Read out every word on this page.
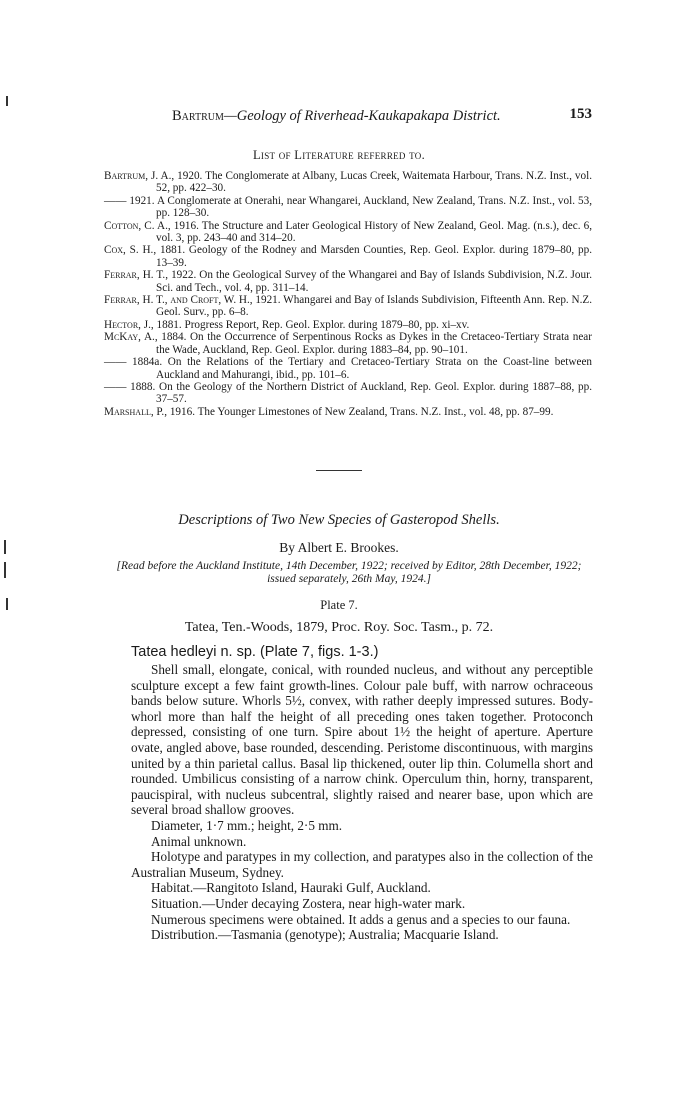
Bartrum—Geology of Riverhead-Kaukapakapa District.	153
List of Literature referred to.

Bartrum, J. A., 1920. The Conglomerate at Albany, Lucas Creek, Waitemata Harbour, Trans. N.Z. Inst., vol. 52, pp. 422–30.

—— 1921. A Conglomerate at Onerahi, near Whangarei, Auckland, New Zealand, Trans. N.Z. Inst., vol. 53, pp. 128–30.

Cotton, C. A., 1916. The Structure and Later Geological History of New Zealand, Geol. Mag. (n.s.), dec. 6, vol. 3, pp. 243–40 and 314–20.

Cox, S. H., 1881. Geology of the Rodney and Marsden Counties, Rep. Geol. Explor. during 1879–80, pp. 13–39.

Ferrar, H. T., 1922. On the Geological Survey of the Whangarei and Bay of Islands Subdivision, N.Z. Jour. Sci. and Tech., vol. 4, pp. 311–14.

Ferrar, H. T., and Croft, W. H., 1921. Whangarei and Bay of Islands Subdivision, Fifteenth Ann. Rep. N.Z. Geol. Surv., pp. 6–8.

Hector, J., 1881. Progress Report, Rep. Geol. Explor. during 1879–80, pp. xi–xv.

McKay, A., 1884. On the Occurrence of Serpentinous Rocks as Dykes in the Cretaceo-Tertiary Strata near the Wade, Auckland, Rep. Geol. Explor. during 1883–84, pp. 90–101.

—— 1884a. On the Relations of the Tertiary and Cretaceo-Tertiary Strata on the Coast-line between Auckland and Mahurangi, ibid., pp. 101–6.

—— 1888. On the Geology of the Northern District of Auckland, Rep. Geol. Explor. during 1887–88, pp. 37–57.

Marshall, P., 1916. The Younger Limestones of New Zealand, Trans. N.Z. Inst., vol. 48, pp. 87–99.

Descriptions of Two New Species of Gasteropod Shells.
By Albert E. Brookes.
[Read before the Auckland Institute, 14th December, 1922; received by Editor, 28th December, 1922; issued separately, 26th May, 1924.]
Plate 7.
Tatea, Ten.-Woods, 1879, Proc. Roy. Soc. Tasm., p. 72.
Tatea hedleyi n. sp. (Plate 7, figs. 1-3.)

Shell small, elongate, conical, with rounded nucleus, and without any perceptible sculpture except a few faint growth-lines. Colour pale buff, with narrow ochraceous bands below suture. Whorls 5½, convex, with rather deeply impressed sutures. Body-whorl more than half the height of all preceding ones taken together. Protoconch depressed, consisting of one turn. Spire about 1½ the height of aperture. Aperture ovate, angled above, base rounded, descending. Peristome discontinuous, with margins united by a thin parietal callus. Basal lip thickened, outer lip thin. Columella short and rounded. Umbilicus consisting of a narrow chink. Operculum thin, horny, transparent, paucispiral, with nucleus subcentral, slightly raised and nearer base, upon which are several broad shallow grooves.

Diameter, 1·7 mm.; height, 2·5 mm.

Animal unknown.

Holotype and paratypes in my collection, and paratypes also in the collection of the Australian Museum, Sydney.

Habitat.—Rangitoto Island, Hauraki Gulf, Auckland.

Situation.—Under decaying Zostera, near high-water mark.

Numerous specimens were obtained. It adds a genus and a species to our fauna.

Distribution.—Tasmania (genotype); Australia; Macquarie Island.
